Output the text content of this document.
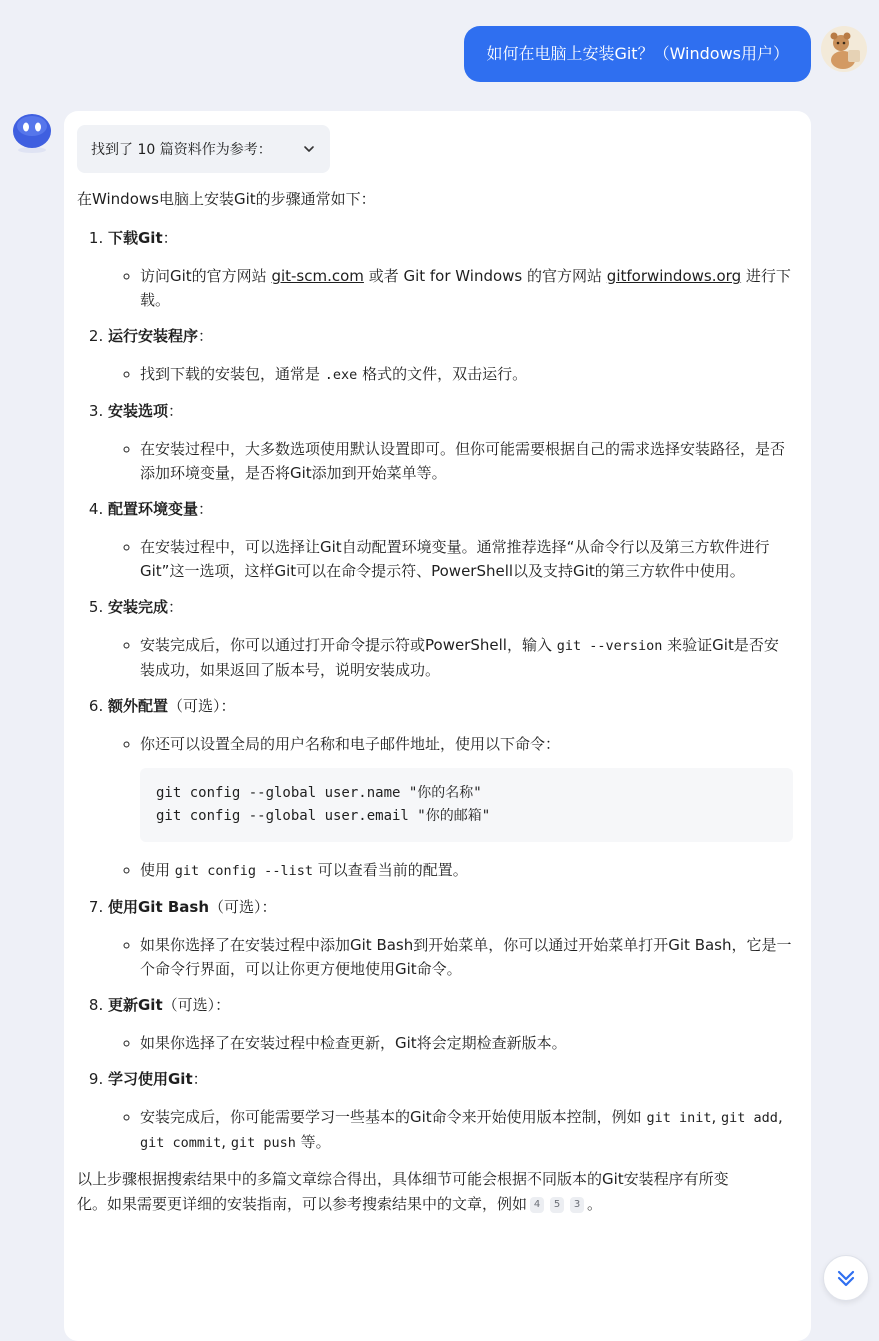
如何在电脑上安装Git？（Windows用户）
找到了 10 篇资料作为参考：
在Windows电脑上安装Git的步骤通常如下：
1. 下载Git：
◦ 访问Git的官方网站 git-scm.com 或者 Git for Windows 的官方网站 gitforwindows.org 进行下载。
2. 运行安装程序：
◦ 找到下载的安装包，通常是 .exe 格式的文件，双击运行。
3. 安装选项：
◦ 在安装过程中，大多数选项使用默认设置即可。但你可能需要根据自己的需求选择安装路径，是否添加环境变量，是否将Git添加到开始菜单等。
4. 配置环境变量：
◦ 在安装过程中，可以选择让Git自动配置环境变量。通常推荐选择“从命令行以及第三方软件进行Git”这一选项，这样Git可以在命令提示符、PowerShell以及支持Git的第三方软件中使用。
5. 安装完成：
◦ 安装完成后，你可以通过打开命令提示符或PowerShell，输入 git --version 来验证Git是否安装成功，如果返回了版本号，说明安装成功。
6. 额外配置（可选）：
◦ 你还可以设置全局的用户名称和电子邮件地址，使用以下命令：
git config --global user.name "你的名称"
git config --global user.email "你的邮箱"
◦ 使用 git config --list 可以查看当前的配置。
7. 使用Git Bash（可选）：
◦ 如果你选择了在安装过程中添加Git Bash到开始菜单，你可以通过开始菜单打开Git Bash，它是一个命令行界面，可以让你更方便地使用Git命令。
8. 更新Git（可选）：
◦ 如果你选择了在安装过程中检查更新，Git将会定期检查新版本。
9. 学习使用Git：
◦ 安装完成后，你可能需要学习一些基本的Git命令来开始使用版本控制，例如 git init, git add, git commit, git push 等。
以上步骤根据搜索结果中的多篇文章综合得出，具体细节可能会根据不同版本的Git安装程序有所变化。如果需要更详细的安装指南，可以参考搜索结果中的文章，例如 4 5 3 。
